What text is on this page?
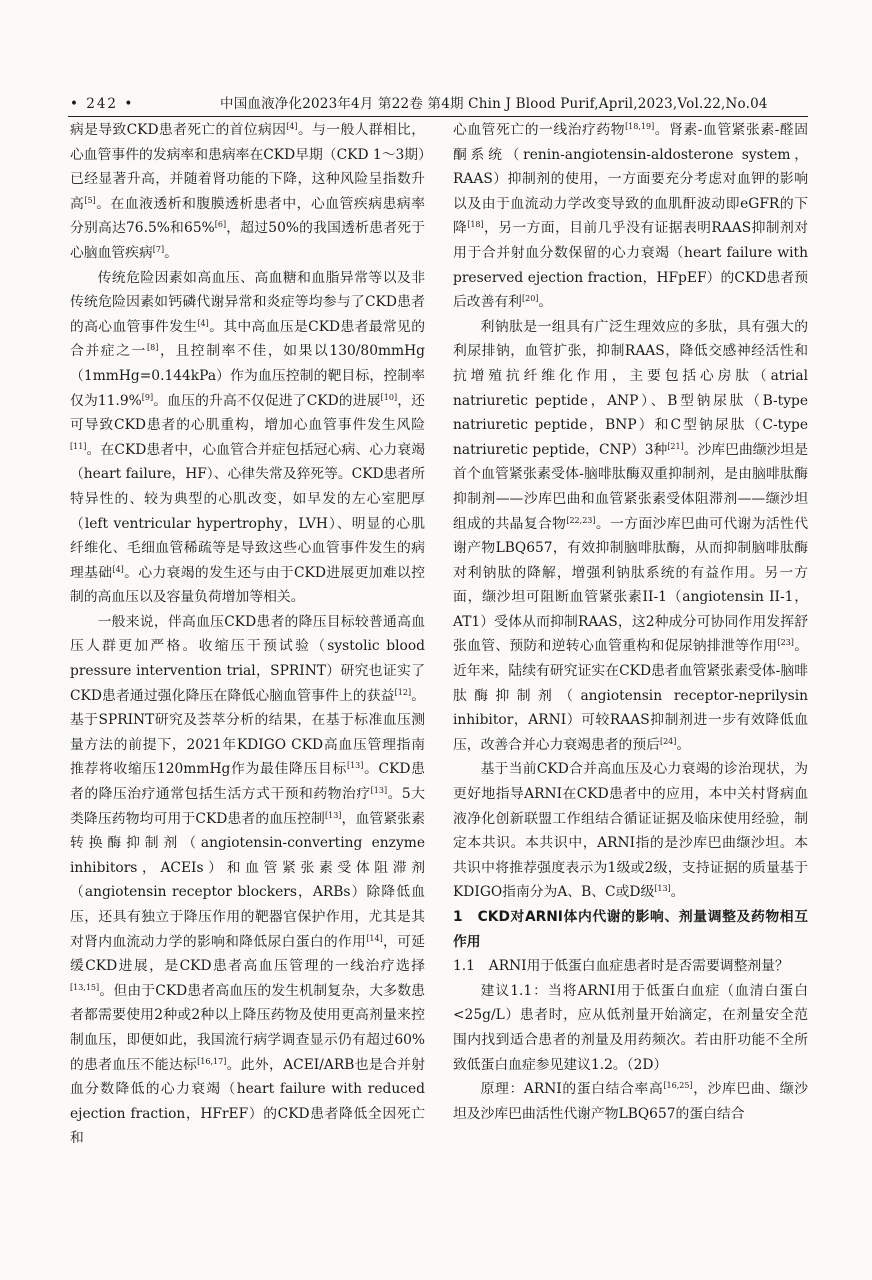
• 242 •	中国血液净化2023年4月 第22卷 第4期 Chin J Blood Purif,April,2023,Vol.22,No.04

病是导致CKD患者死亡的首位病因[4]。与一般人群相比，心血管事件的发病率和患病率在CKD早期（CKD 1～3期）已经显著升高，并随着肾功能的下降，这种风险呈指数升高[5]。在血液透析和腹膜透析患者中，心血管疾病患病率分别高达76.5%和65%[6]，超过50%的我国透析患者死于心脑血管疾病[7]。

传统危险因素如高血压、高血糖和血脂异常等以及非传统危险因素如钙磷代谢异常和炎症等均参与了CKD患者的高心血管事件发生[4]。其中高血压是CKD患者最常见的合并症之一[8]，且控制率不佳，如果以130/80mmHg（1mmHg=0.144kPa）作为血压控制的靶目标，控制率仅为11.9%[9]。血压的升高不仅促进了CKD的进展[10]，还可导致CKD患者的心肌重构，增加心血管事件发生风险[11]。在CKD患者中，心血管合并症包括冠心病、心力衰竭（heart failure，HF）、心律失常及猝死等。CKD患者所特异性的、较为典型的心肌改变，如早发的左心室肥厚（left ventricular hypertrophy，LVH）、明显的心肌纤维化、毛细血管稀疏等是导致这些心血管事件发生的病理基础[4]。心力衰竭的发生还与由于CKD进展更加难以控制的高血压以及容量负荷增加等相关。

一般来说，伴高血压CKD患者的降压目标较普通高血压人群更加严格。收缩压干预试验（systolic blood pressure intervention trial，SPRINT）研究也证实了CKD患者通过强化降压在降低心脑血管事件上的获益[12]。基于SPRINT研究及荟萃分析的结果，在基于标准血压测量方法的前提下，2021年KDIGO CKD高血压管理指南推荐将收缩压120mmHg作为最佳降压目标[13]。CKD患者的降压治疗通常包括生活方式干预和药物治疗[13]。5大类降压药物均可用于CKD患者的血压控制[13]，血管紧张素转换酶抑制剂（angiotensin-converting enzyme inhibitors，ACEIs）和血管紧张素受体阻滞剂（angiotensin receptor blockers，ARBs）除降低血压，还具有独立于降压作用的靶器官保护作用，尤其是其对肾内血流动力学的影响和降低尿白蛋白的作用[14]，可延缓CKD进展，是CKD患者高血压管理的一线治疗选择[13,15]。但由于CKD患者高血压的发生机制复杂，大多数患者都需要使用2种或2种以上降压药物及使用更高剂量来控制血压，即便如此，我国流行病学调查显示仍有超过60%的患者血压不能达标[16,17]。此外，ACEI/ARB也是合并射血分数降低的心力衰竭（heart failure with reduced ejection fraction，HFrEF）的CKD患者降低全因死亡和

心血管死亡的一线治疗药物[18,19]。肾素-血管紧张素-醛固酮系统（renin-angiotensin-aldosterone system，RAAS）抑制剂的使用，一方面要充分考虑对血钾的影响以及由于血流动力学改变导致的血肌酐波动即eGFR的下降[18]，另一方面，目前几乎没有证据表明RAAS抑制剂对用于合并射血分数保留的心力衰竭（heart failure with preserved ejection fraction，HFpEF）的CKD患者预后改善有利[20]。

利钠肽是一组具有广泛生理效应的多肽，具有强大的利尿排钠，血管扩张，抑制RAAS，降低交感神经活性和抗增殖抗纤维化作用，主要包括心房肽（atrial natriuretic peptide，ANP）、B型钠尿肽（B-type natriuretic peptide，BNP）和C型钠尿肽（C-type natriuretic peptide，CNP）3种[21]。沙库巴曲缬沙坦是首个血管紧张素受体-脑啡肽酶双重抑制剂，是由脑啡肽酶抑制剂——沙库巴曲和血管紧张素受体阻滞剂——缬沙坦组成的共晶复合物[22,23]。一方面沙库巴曲可代谢为活性代谢产物LBQ657，有效抑制脑啡肽酶，从而抑制脑啡肽酶对利钠肽的降解，增强利钠肽系统的有益作用。另一方面，缬沙坦可阻断血管紧张素II-1（angiotensin II-1，AT1）受体从而抑制RAAS，这2种成分可协同作用发挥舒张血管、预防和逆转心血管重构和促尿钠排泄等作用[23]。近年来，陆续有研究证实在CKD患者血管紧张素受体-脑啡肽酶抑制剂（angiotensin receptor-neprilysin inhibitor，ARNI）可较RAAS抑制剂进一步有效降低血压，改善合并心力衰竭患者的预后[24]。

基于当前CKD合并高血压及心力衰竭的诊治现状，为更好地指导ARNI在CKD患者中的应用，本中关村肾病血液净化创新联盟工作组结合循证证据及临床使用经验，制定本共识。本共识中，ARNI指的是沙库巴曲缬沙坦。本共识中将推荐强度表示为1级或2级，支持证据的质量基于KDIGO指南分为A、B、C或D级[13]。

1　CKD对ARNI体内代谢的影响、剂量调整及药物相互作用

1.1　ARNI用于低蛋白血症患者时是否需要调整剂量？

建议1.1：当将ARNI用于低蛋白血症（血清白蛋白<25g/L）患者时，应从低剂量开始滴定，在剂量安全范围内找到适合患者的剂量及用药频次。若由肝功能不全所致低蛋白血症参见建议1.2。（2D）

原理：ARNI的蛋白结合率高[16,25]，沙库巴曲、缬沙坦及沙库巴曲活性代谢产物LBQ657的蛋白结合
